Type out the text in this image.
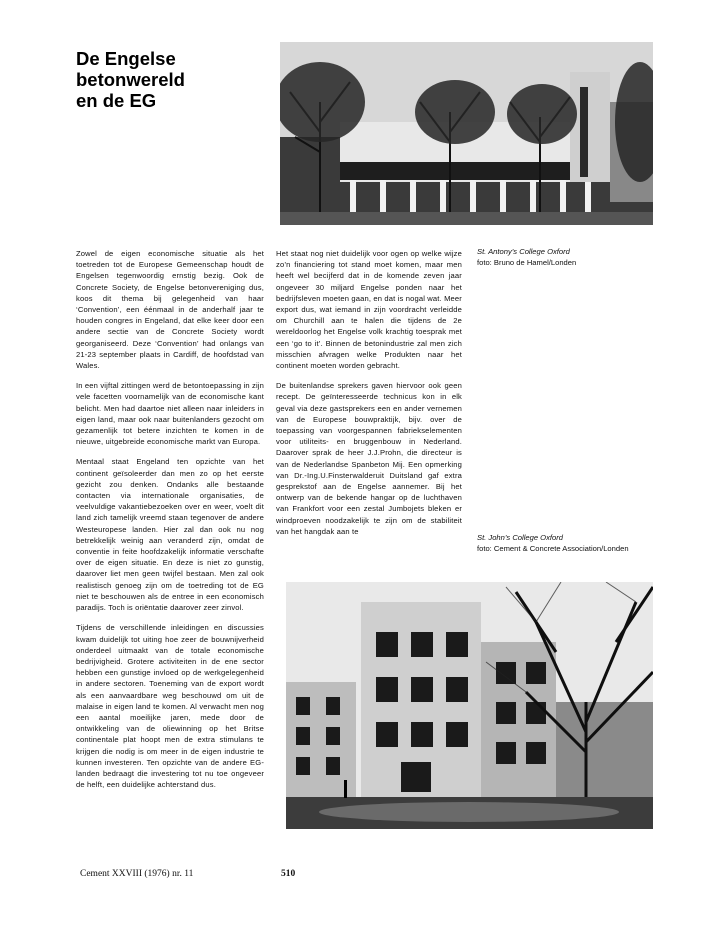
De Engelse
betonwereld
en de EG
St. Antony’s College Oxford
foto: Bruno de Hamel/Londen

Zowel de eigen economische situatie als het toetreden tot de Europese Gemeenschap houdt de Engelsen tegenwoordig ernstig bezig. Ook de Concrete Society, de Engelse betonvereniging dus, koos dit thema bij gelegenheid van haar ‘Convention’, een éénmaal in de anderhalf jaar te houden congres in Engeland, dat elke keer door een andere sectie van de Concrete Society wordt georganiseerd. Deze ‘Convention’ had onlangs van 21-23 september plaats in Cardiff, de hoofdstad van Wales.

In een vijftal zittingen werd de betontoepassing in zijn vele facetten voornamelijk van de economische kant belicht. Men had daartoe niet alleen naar inleiders in eigen land, maar ook naar buitenlanders gezocht om gezamenlijk tot betere inzichten te komen in de nieuwe, uitgebreide economische markt van Europa.

Mentaal staat Engeland ten opzichte van het continent geïsoleerder dan men zo op het eerste gezicht zou denken. Ondanks alle bestaande contacten via internationale organisaties, de veelvuldige vakantiebezoeken over en weer, voelt dit land zich tamelijk vreemd staan tegenover de andere Westeuropese landen. Hier zal dan ook nu nog betrekkelijk weinig aan veranderd zijn, omdat de conventie in feite hoofdzakelijk informatie verschafte over de eigen situatie. En deze is niet zo gunstig, daarover liet men geen twijfel bestaan. Men zal ook realistisch genoeg zijn om de toetreding tot de EG niet te beschouwen als de entree in een economisch paradijs. Toch is oriëntatie daarover zeer zinvol.

Tijdens de verschillende inleidingen en discussies kwam duidelijk tot uiting hoe zeer de bouwnijverheid onderdeel uitmaakt van de totale economische bedrijvigheid. Grotere activiteiten in de ene sector hebben een gunstige invloed op de werkgelegenheid in andere sectoren. Toeneming van de export wordt als een aanvaardbare weg beschouwd om uit de malaise in eigen land te komen. Al verwacht men nog een aantal moeilijke jaren, mede door de ontwikkeling van de oliewinning op het Britse continentale plat hoopt men de extra stimulans te krijgen die nodig is om meer in de eigen industrie te kunnen investeren. Ten opzichte van de andere EG-landen bedraagt die investering tot nu toe ongeveer de helft, een duidelijke achterstand dus.

Het staat nog niet duidelijk voor ogen op welke wijze zo’n financiering tot stand moet komen, maar men heeft wel becijferd dat in de komende zeven jaar ongeveer 30 miljard Engelse ponden naar het bedrijfsleven moeten gaan, en dat is nogal wat. Meer export dus, wat iemand in zijn voordracht verleidde om Churchill aan te halen die tijdens de 2e wereldoorlog het Engelse volk krachtig toesprak met een ‘go to it’. Binnen de betonindustrie zal men zich misschien afvragen welke Produkten naar het continent moeten worden gebracht.

De buitenlandse sprekers gaven hiervoor ook geen recept. De geïnteresseerde technicus kon in elk geval via deze gastsprekers een en ander vernemen van de Europese bouwpraktijk, bijv. over de toepassing van voorgespannen fabriekselementen voor utiliteits- en bruggenbouw in Nederland. Daarover sprak de heer J.J.Prohn, die directeur is van de Nederlandse Spanbeton Mij. Een opmerking van Dr.-Ing.U.Finsterwalderuit Duitsland gaf extra gesprekstof aan de Engelse aannemer. Bij het ontwerp van de bekende hangar op de luchthaven van Frankfort voor een zestal Jumbojets bleken er windproeven noodzakelijk te zijn om de stabiliteit van het hangdak aan te

St. John’s College Oxford
foto: Cement & Concrete Association/Londen
Cement XXVIII (1976) nr. 11	510
